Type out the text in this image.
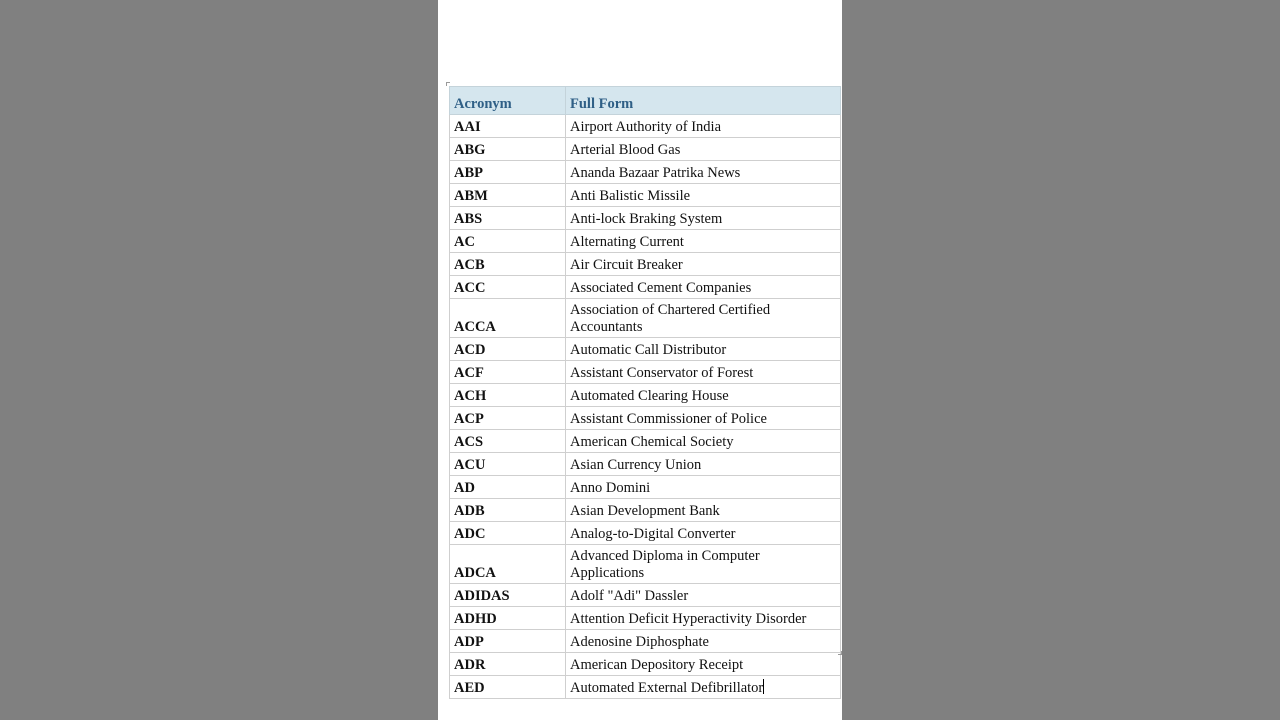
Acronym	Full Form
AAI	Airport Authority of India
ABG	Arterial Blood Gas
ABP	Ananda Bazaar Patrika News
ABM	Anti Balistic Missile
ABS	Anti-lock Braking System
AC	Alternating Current
ACB	Air Circuit Breaker
ACC	Associated Cement Companies
ACCA	Association of Chartered Certified Accountants
ACD	Automatic Call Distributor
ACF	Assistant Conservator of Forest
ACH	Automated Clearing House
ACP	Assistant Commissioner of Police
ACS	American Chemical Society
ACU	Asian Currency Union
AD	Anno Domini
ADB	Asian Development Bank
ADC	Analog-to-Digital Converter
ADCA	Advanced Diploma in Computer Applications
ADIDAS	Adolf "Adi" Dassler
ADHD	Attention Deficit Hyperactivity Disorder
ADP	Adenosine Diphosphate
ADR	American Depository Receipt
AED	Automated External Defibrillator
